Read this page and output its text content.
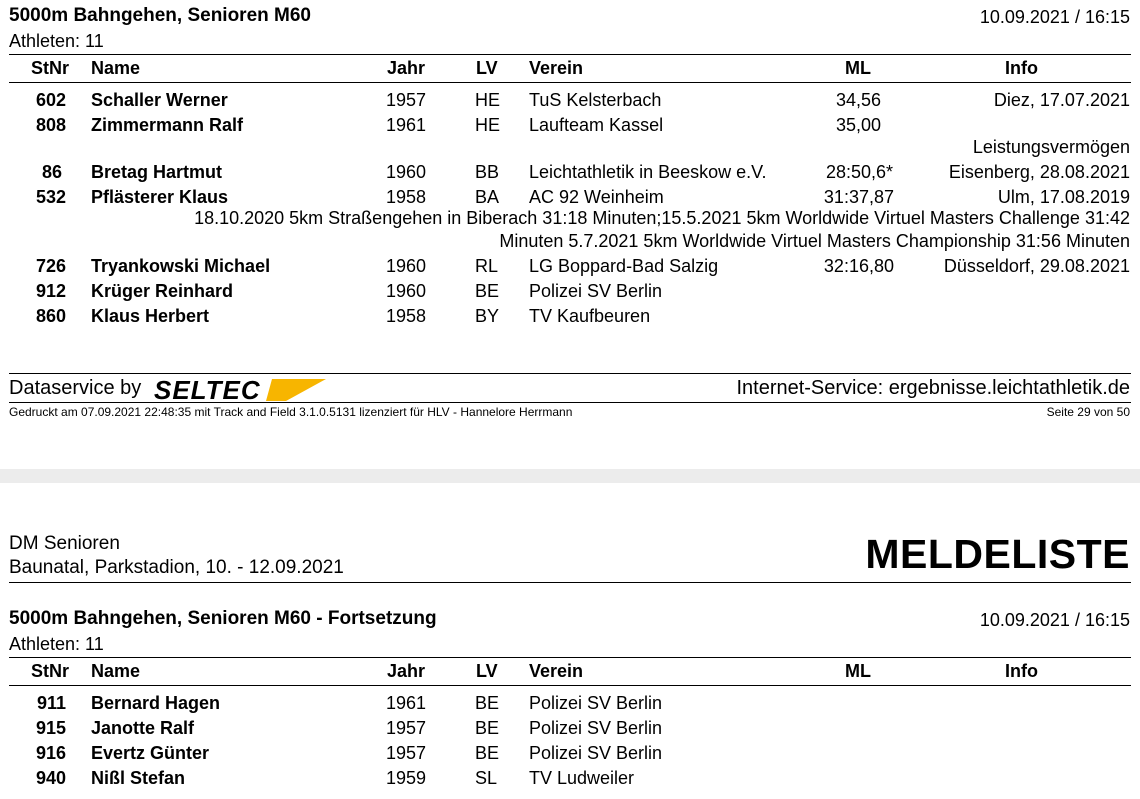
5000m Bahngehen, Senioren M60	10.09.2021 / 16:15
Athleten: 11
StNr Name	Jahr	LV Verein	ML	Info
602 Schaller Werner	1957	HE TuS Kelsterbach	34,56	Diez, 17.07.2021
808 Zimmermann Ralf	1961	HE Laufteam Kassel	35,00
Leistungsvermögen
86 Bretag Hartmut	1960	BB Leichtathletik in Beeskow e.V.	28:50,6*	Eisenberg, 28.08.2021
532 Pflästerer Klaus	1958	BA AC 92 Weinheim	31:37,87	Ulm, 17.08.2019
18.10.2020 5km Straßengehen in Biberach 31:18 Minuten;15.5.2021 5km Worldwide Virtuel Masters Challenge 31:42
Minuten 5.7.2021 5km Worldwide Virtuel Masters Championship 31:56 Minuten
726 Tryankowski Michael	1960	RL LG Boppard-Bad Salzig	32:16,80	Düsseldorf, 29.08.2021
912 Krüger Reinhard	1960	BE Polizei SV Berlin
860 Klaus Herbert	1958	BY TV Kaufbeuren
Dataservice by SELTEC	Internet-Service: ergebnisse.leichtathletik.de
Gedruckt am 07.09.2021 22:48:35 mit Track and Field 3.1.0.5131 lizenziert für HLV - Hannelore Herrmann	Seite 29 von 50
DM Senioren
Baunatal, Parkstadion, 10. - 12.09.2021	MELDELISTE
5000m Bahngehen, Senioren M60 - Fortsetzung	10.09.2021 / 16:15
Athleten: 11
StNr Name	Jahr	LV Verein	ML	Info
911 Bernard Hagen	1961	BE Polizei SV Berlin
915 Janotte Ralf	1957	BE Polizei SV Berlin
916 Evertz Günter	1957	BE Polizei SV Berlin
940 Nißl Stefan	1959	SL TV Ludweiler
